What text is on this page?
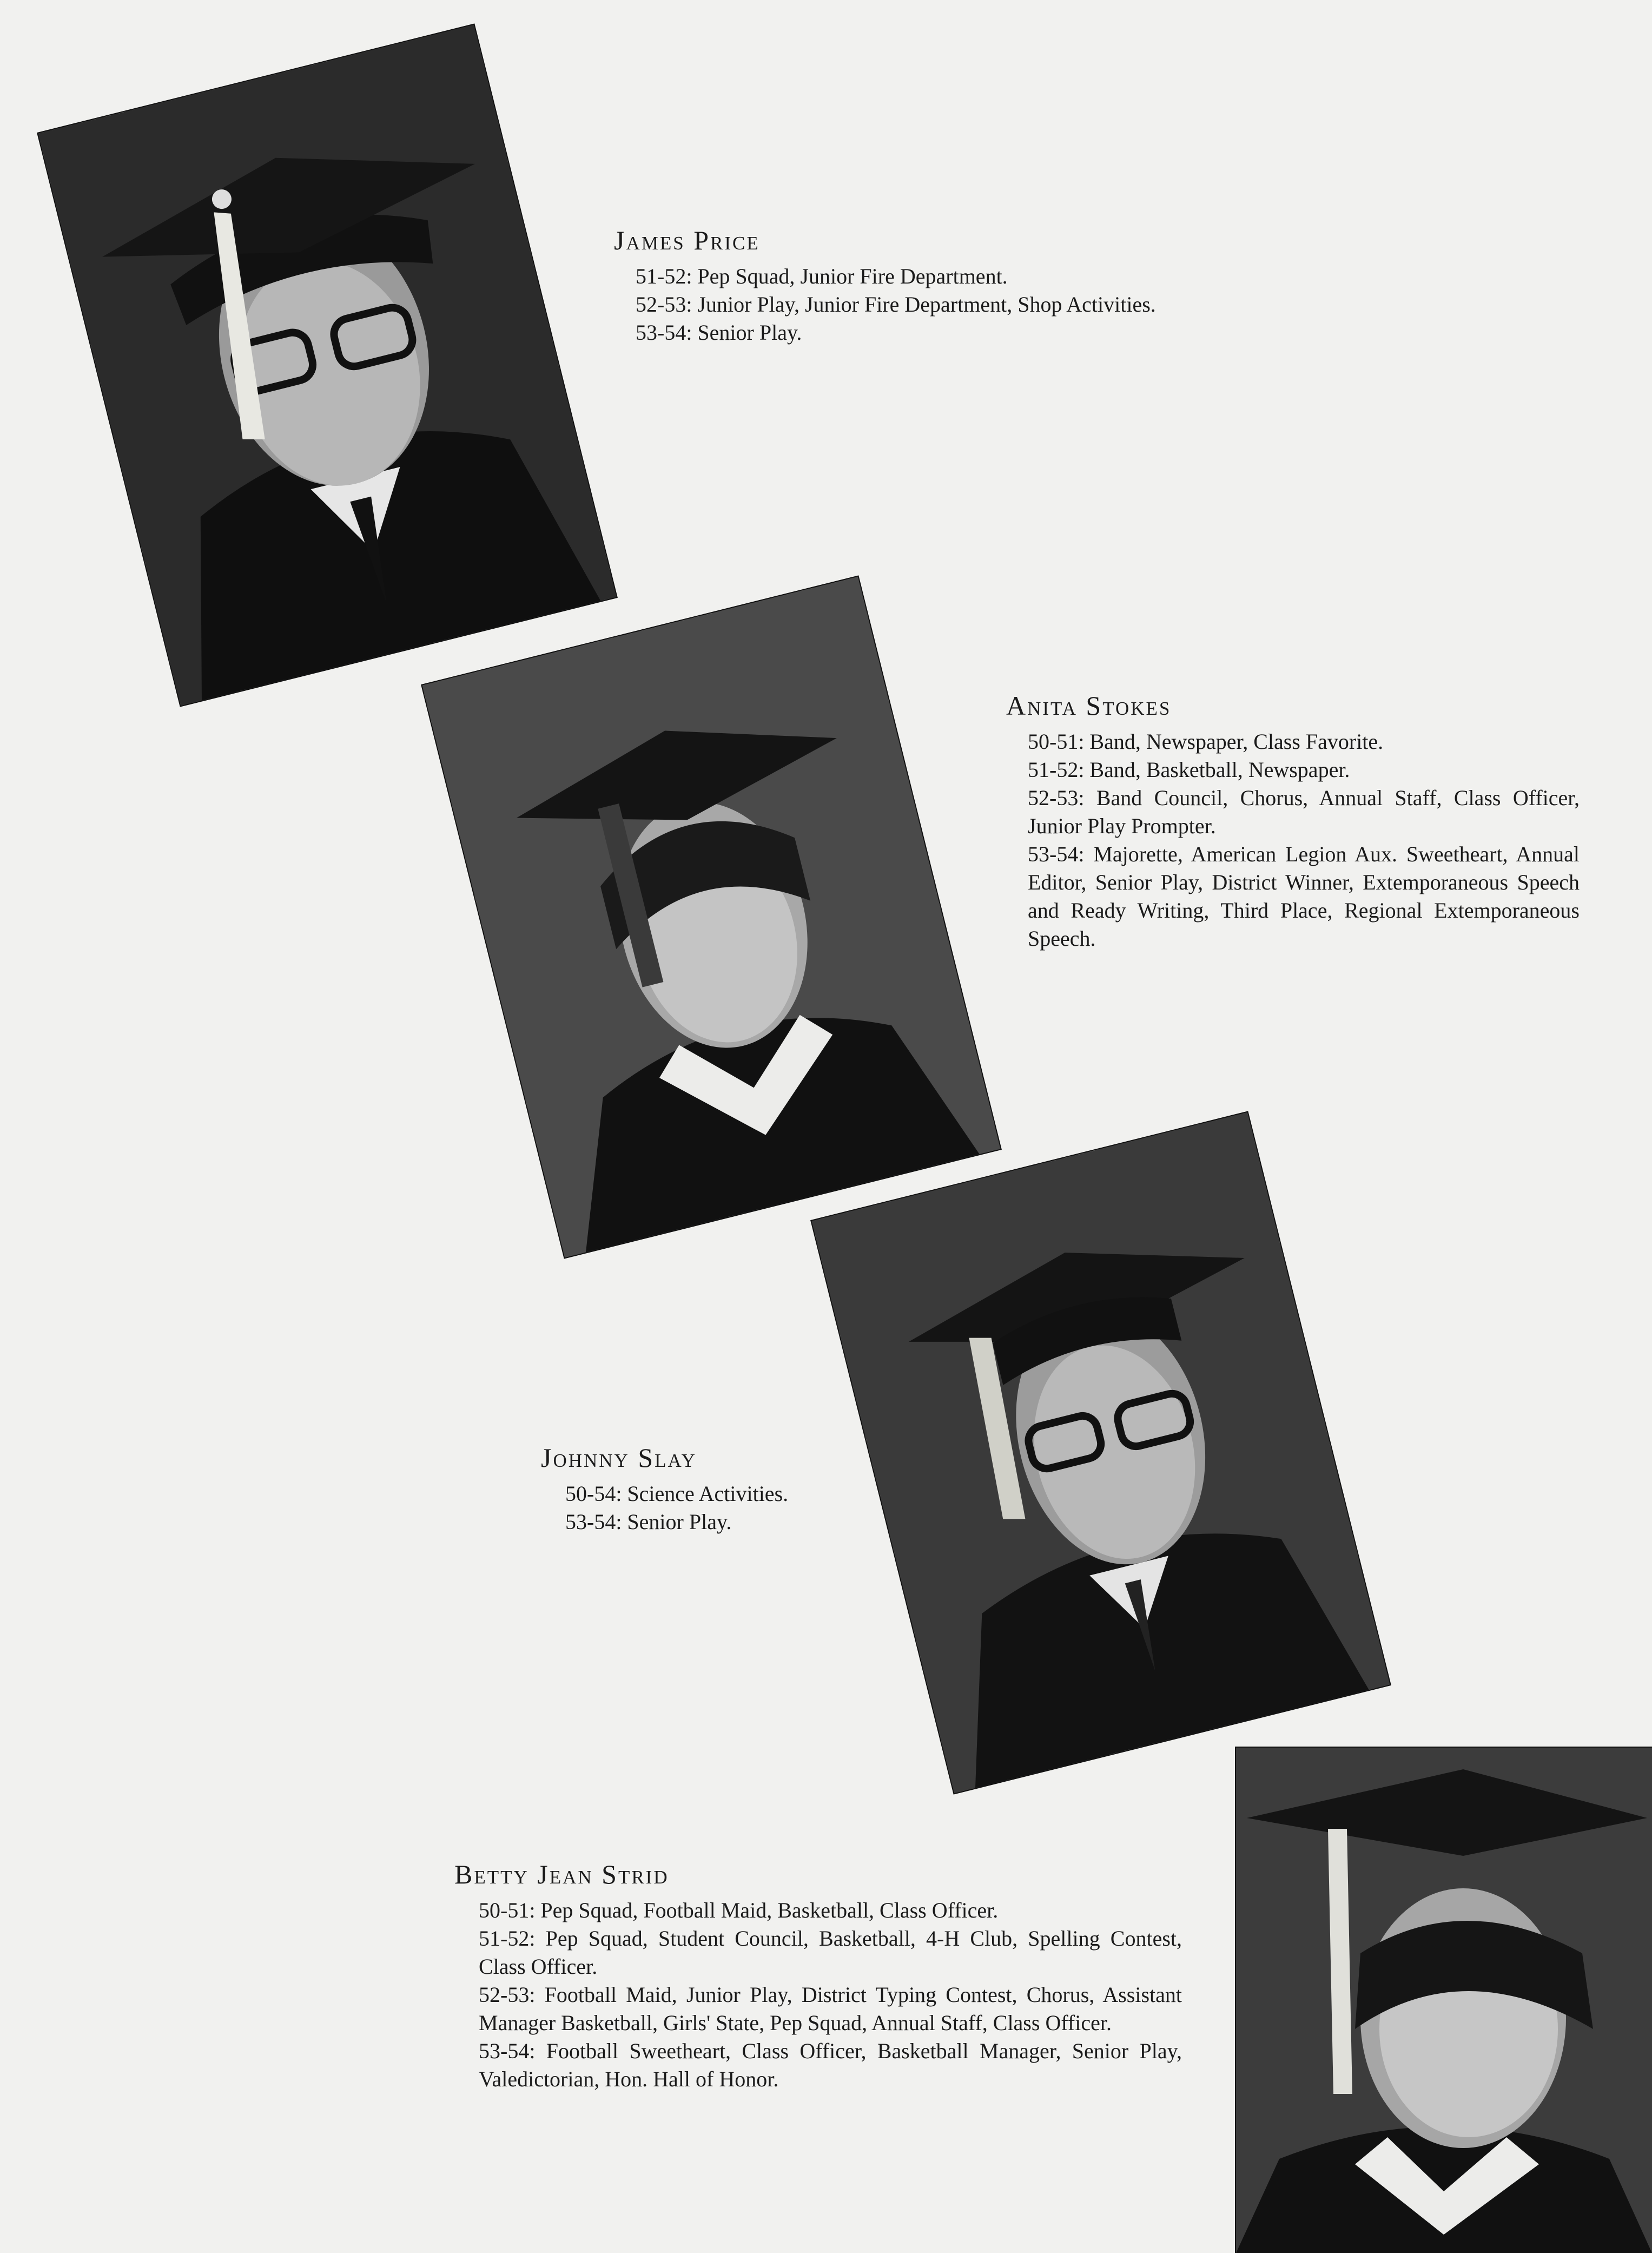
James Price
51-52: Pep Squad, Junior Fire Department.
52-53: Junior Play, Junior Fire Department, Shop Activities.
53-54: Senior Play.
Anita Stokes
50-51: Band, Newspaper, Class Favorite.
51-52: Band, Basketball, Newspaper.
52-53: Band Council, Chorus, Annual Staff, Class Officer, Junior Play Prompter.
53-54: Majorette, American Legion Aux. Sweetheart, Annual Editor, Senior Play, District Winner, Extemporaneous Speech and Ready Writing, Third Place, Regional Extemporaneous Speech.
Johnny Slay
50-54: Science Activities.
53-54: Senior Play.
Betty Jean Strid
50-51: Pep Squad, Football Maid, Basketball, Class Officer.
51-52: Pep Squad, Student Council, Basketball, 4-H Club, Spelling Contest, Class Officer.
52-53: Football Maid, Junior Play, District Typing Contest, Chorus, Assistant Manager Basketball, Girls' State, Pep Squad, Annual Staff, Class Officer.
53-54: Football Sweetheart, Class Officer, Basketball Manager, Senior Play, Valedictorian, Hon. Hall of Honor.
